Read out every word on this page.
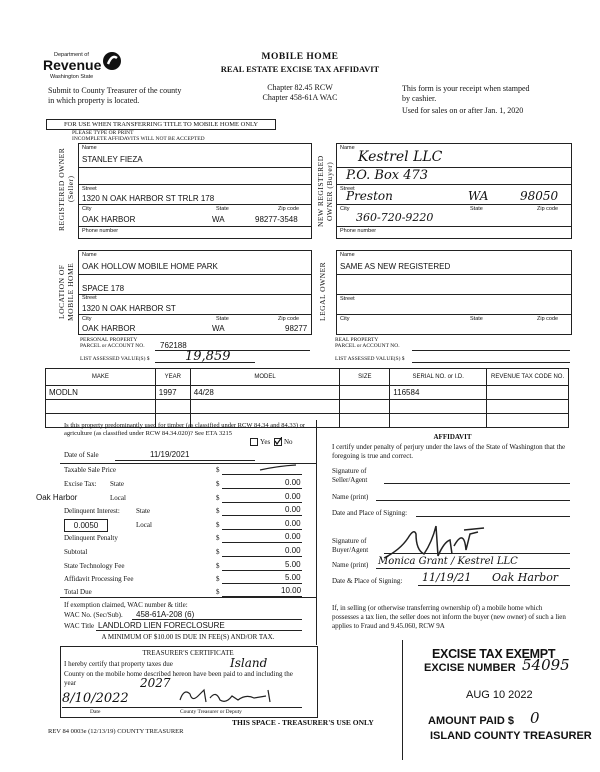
Department of
Revenue
Washington State
Submit to County Treasurer of the county in which property is located.
MOBILE HOME
REAL ESTATE EXCISE TAX AFFIDAVIT
Chapter 82.45 RCW
Chapter 458-61A WAC
This form is your receipt when stamped by cashier.
Used for sales on or after Jan. 1, 2020
FOR USE WHEN TRANSFERRING TITLE TO MOBILE HOME ONLY
PLEASE TYPE OR PRINT
INCOMPLETE AFFIDAVITS WILL NOT BE ACCEPTED
REGISTERED OWNER (Seller)
Name
STANLEY FIEZA
Street
1320 N OAK HARBOR ST TRLR 178
City	State	Zip code
OAK HARBOR	WA	98277-3548
Phone number
NEW REGISTERED OWNER (Buyer)
Name
Kestrel LLC
P.O. Box 473
Street
Preston	WA	98050
City	State	Zip code
360-720-9220
Phone number
LOCATION OF MOBILE HOME
Name
OAK HOLLOW MOBILE HOME PARK
SPACE 178
Street
1320 N OAK HARBOR ST
City	State	Zip code
OAK HARBOR	WA	98277
LEGAL OWNER
Name
SAME AS NEW REGISTERED
Street
City	State	Zip code
PERSONAL PROPERTY
PARCEL or ACCOUNT NO. 762188
LIST ASSESSED VALUE(S) $	19,859
REAL PROPERTY
PARCEL or ACCOUNT NO.
LIST ASSESSED VALUE(S) $
MAKE	YEAR	MODEL	SIZE	SERIAL NO. or I.D.	REVENUE TAX CODE NO.
MODLN	1997	44/28		116584	

Is this property predominantly used for timber (as classified under RCW 84.34 and 84.33) or agriculture (as classified under RCW 84.34.020)? See ETA 3215
Yes No
Date of Sale	11/19/2021
Taxable Sale Price	$
Excise Tax: State	$	0.00
Oak Harbor	Local	$	0.00
Delinquent Interest: State	$	0.00
0.0050	Local	$	0.00
Delinquent Penalty	$	0.00
Subtotal	$	0.00
State Technology Fee	$	5.00
Affidavit Processing Fee	$	5.00
Total Due	$	10.00
If exemption claimed, WAC number & title:
WAC No. (Sec/Sub). 458-61A-208 (6)
WAC Title LANDLORD LIEN FORECLOSURE
A MINIMUM OF $10.00 IS DUE IN FEE(S) AND/OR TAX.
TREASURER'S CERTIFICATE
I hereby certify that property taxes due	Island
County on the mobile home described hereon have been paid to and including the year	2027
8/10/2022
Date	County Treasurer or Deputy
THIS SPACE - TREASURER'S USE ONLY
AFFIDAVIT
I certify under penalty of perjury under the laws of the State of Washington that the foregoing is true and correct.
Signature of Seller/Agent
Name (print)
Date and Place of Signing:
Signature of Buyer/Agent
Name (print) Monica Grant / Kestrel LLC
Date & Place of Signing: 11/19/21 Oak Harbor
If, in selling (or otherwise transferring ownership of) a mobile home which possesses a tax lien, the seller does not inform the buyer (new owner) of such a lien applies to Fraud and 9.45.060, RCW 9A
EXCISE TAX EXEMPT
EXCISE NUMBER 54095
AUG 10 2022
AMOUNT PAID $ 0
ISLAND COUNTY TREASURER
REV 84 0003e (12/13/19) COUNTY TREASURER
